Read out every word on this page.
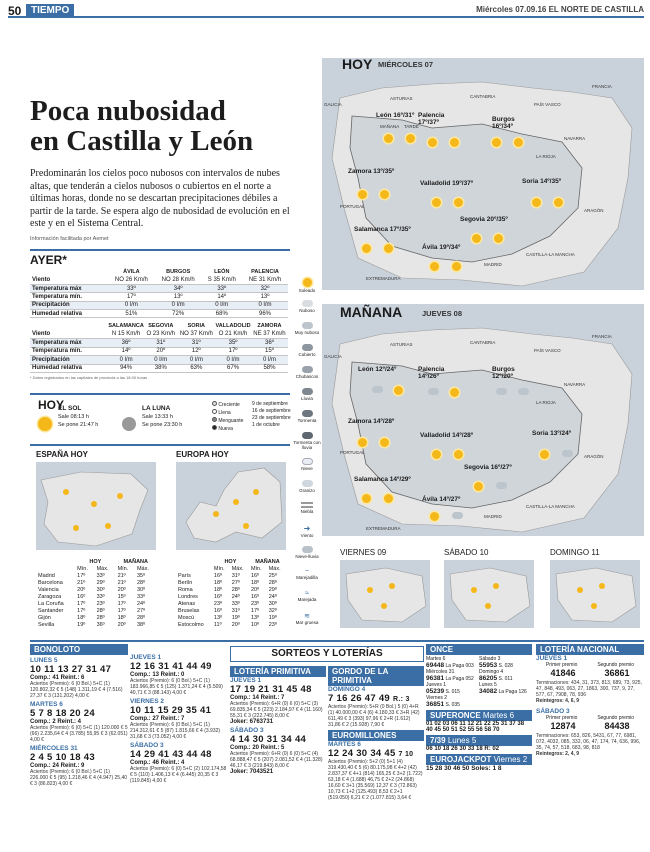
50 TIEMPO	Miércoles 07.09.16 EL NORTE DE CASTILLA
Poca nubosidad
en Castilla y León

Predominarán los cielos poco nubosos con intervalos de nubes altas, que tenderán a cielos nubosos o cubiertos en el norte a últimas horas, donde no se descartan precipitaciones débiles a partir de la tarde. Se espera algo de nubosidad de evolución en el este y en el Sistema Central.

Información facilitada por Aemet
AYER*
	ÁVILA	BURGOS	LEÓN	PALENCIA
Viento	NO 26 Km/h	NO 28 Km/h	S 35 Km/h	NE 31 Km/h
Temperatura máx	33º	34º	33º	32º
Temperatura mín.	17º	13º	14º	13º
Precipitación	0 l/m	0 l/m	0 l/m	0 l/m
Humedad relativa	51%	72%	68%	96%
	SALAMANCA	SEGOVIA	SORIA	VALLADOLID	ZAMORA
Viento	N 15 Km/h	O 23 Km/h	NO 37 Km/h	O 21 Km/h	NE 37 Km/h
Temperatura máx	36º	31º	31º	35º	36º
Temperatura mín.	14º	20º	12º	17º	15º
Precipitación	0 l/m	0 l/m	0 l/m	0 l/m	0 l/m
Humedad relativa	94%	38%	63%	67%	58%
* Datos registrados en las capitales de provincia a las 18:00 horas
HOY
EL SOL
Sale 08:13 h
Se pone 21:47 h
LA LUNA
Sale 13:33 h
Se pone 23:30 h
Creciente
Llena
Menguante
Nueva
9 de septiembre
16 de septiembre
23 de septiembre
1 de octubre
ESPAÑA HOY	EUROPA HOY
	HOY		MAÑANA	
	Mín.	Máx.	Mín.	Máx.
Madrid	17º	33º	21º	35º
Barcelona	21º	29º	21º	28º
Valencia	20º	30º	20º	30º
Zaragoza	16º	33º	15º	33º
La Coruña	17º	23º	17º	24º
Santander	17º	28º	17º	27º
Gijón	18º	28º	18º	28º
Sevilla	19º	36º	20º	38º
	HOY		MAÑANA	
	Mín.	Máx.	Mín.	Máx.
París	16º	31º	16º	25º
Berlín	18º	27º	18º	28º
Roma	18º	28º	20º	29º
Londres	16º	24º	16º	24º
Atenas	23º	33º	23º	30º
Bruselas	16º	31º	17º	32º
Moscú	13º	19º	13º	19º
Estocolmo	11º	20º	10º	23º
Soleado
Nuboso
Muy nuboso
Cubierto
Chubascos
Lluvia
Tormenta
Tormenta con lluvia
Nieve
Granizo
Niebla
➜
Viento
Nieve-lluvia
~
Marejadilla
≈
Marejada
≋
Mar gruesa
HOY MIÉRCOLES 07
ASTURIAS	CANTABRIA
PAÍS VASCO
NAVARRA
FRANCIA
LA RIOJA
ARAGÓN
GALICIA
PORTUGAL
MADRID
EXTREMADURA
CASTILLA-LA MANCHA
León 16º/31º Palencia 17º/37º	Burgos 16º/34º
Zamora 13º/35º
Valladolid 19º/37º	Soria 14º/35º
Segovia 20º/35º
Salamanca 17º/35º
Ávila 19º/34º
MAÑANA TARDE
MAÑANA	JUEVES 08
ASTURIAS	CANTABRIA
PAÍS VASCO
NAVARRA
FRANCIA
LA RIOJA
ARAGÓN
GALICIA
PORTUGAL
MADRID
EXTREMADURA
CASTILLA-LA MANCHA
León 12º/24º	Palencia 14º/26º
Burgos 12º/20º
Zamora 14º/28º
Valladolid 14º/28º	Soria 13º/24º
Segovia 16º/27º
Salamanca 14º/29º
Ávila 14º/27º
VIERNES 09	SÁBADO 10	DOMINGO 11
BONOLOTO
LUNES 5
10 11 13 27 31 47
Comp.: 41 Reint.: 6
Aciertos (Premio): 6 (0 Bol.) 5+C (1) 120.802,32 € 5 (148) 1.311,19 € 4 (7.516) 27,37 € 3 (131.202) 4,00 €
MARTES 6
5 7 8 18 20 24
Comp.: 2 Reint.: 4
Aciertos (Premio): 6 (0) 5+C (1) 120.000 € 5 (66) 2.235,64 € 4 (3.785) 55,95 € 3 (62.051) 4,00 €
MIÉRCOLES 31
2 4 5 10 18 43
Comp.: 24 Reint.: 9
Aciertos (Premio): 6 (0 Bol.) 5+C (1) 226.000 € 5 (95) 1.218,46 € 4 (4.947) 25,40 € 3 (86.823) 4,00 €
JUEVES 1
12 16 31 41 44 49
Comp.: 13 Reint.: 0
Aciertos (Premio): 6 (0 Bol.) 5+C (1) 183.966,85 € 5 (125) 1.371,24 € 4 (5.509) 40,71 € 3 (88.143) 4,00 €
VIERNES 2
10 11 15 29 35 41
Comp.: 27 Reint.: 7
Aciertos (Premio): 6 (0 Bol.) 5+C (1) 214.312,61 € 5 (87) 1.815,66 € 4 (3.932) 31,68 € 3 (73.052) 4,00 €
SÁBADO 3
14 29 41 43 44 48
Comp.: 46 Reint.: 4
Aciertos (Premio): 6 (0) 5+C (2) 102.174,58 € 5 (110) 1.406,13 € 4 (6.445) 20,35 € 3 (119.845) 4,00 €
SORTEOS Y LOTERÍAS
LOTERÍA PRIMITIVA
JUEVES 1
17 19 21 31 45 48
Comp.: 14 Reint.: 7
Aciertos (Premio): 6+R (0) 6 (0) 5+C (3) 69.835,34 € 5 (223) 2.184,97 € 4 (11.160) 55,31 € 3 (222.745) 8,00 €
Joker: 6763731
SÁBADO 3
4 14 30 31 34 44
Comp.: 20 Reint.: 5
Aciertos (Premio): 6+R (0) 6 (0) 5+C (4) 68.888,47 € 5 (207) 2.081,52 € 4 (11.328) 46,17 € 3 (219.843) 8,00 €
Joker: 7043521
GORDO DE LA PRIMITIVA
DOMINGO 4
7 16 26 47 49 R.: 3
Aciertos (Premio): 5+R (0 Bol.) 5 (0) 4+R (1) 40.000,00 € 4 (6) 4.180,33 € 3+R (42) 611,49 € 3 (393) 97,96 € 2+R (1.612) 31,86 € 2 (15.928) 7,90 €
EUROMILLONES
MARTES 6
12 24 30 34 45 7 10
Aciertos (Premio): 5+2 (0) 5+1 (4) 319.430,40 € 5 (6) 80.175,98 € 4+2 (42) 2.837,37 € 4+1 (814) 165,25 € 3+2 (1.722) 63,18 € 4 (1.688) 46,75 € 2+2 (24.868) 16,60 € 3+1 (35.569) 12,37 € 3 (72.863) 10,73 € 1+2 (125.493) 8,53 € 2+1 (519.050) 6,21 € 2 (1.077.815) 3,64 €
ONCE
Martes 6
69448 La Paga 003
Sábado 3
55953 S. 028
Miércoles 31
96381 La Paga 052
Domingo 4
86205 S. 011
Jueves 1
05239 S. 015
Lunes 5
34082 La Paga 126
Viernes 2
36851 S. 035
SUPERONCE Martes 6
01 02 03 06 11 12 21 22 25 31 37 38 40 45 50 51 52 55 56 58 70
7/39 Lunes 5
06 10 18 26 30 33 18 R: 02
EUROJACKPOT Viernes 2
15 28 30 46 50 Soles: 1 8
LOTERÍA NACIONAL
JUEVES 1
Primer premio	Segundo premio
41846	36861
Terminaciones: 434, 31, 373, 813, 689, 73, 925, 47, 848, 493, 063, 27, 1863, 300, 737, 9, 27, 577, 67, 7908, 78, 936
Reintegros: 4, 6, 9
SÁBADO 3
Primer premio	Segundo premio
12874	84438
Terminaciones: 653, 826, 5431, 67, 77, 6981, 072, 4032, 085, 332, 06, 47, 174, 74, 636, 996, 35, 74, 57, 518, 683, 98, 818
Reintegros: 2, 4, 9
